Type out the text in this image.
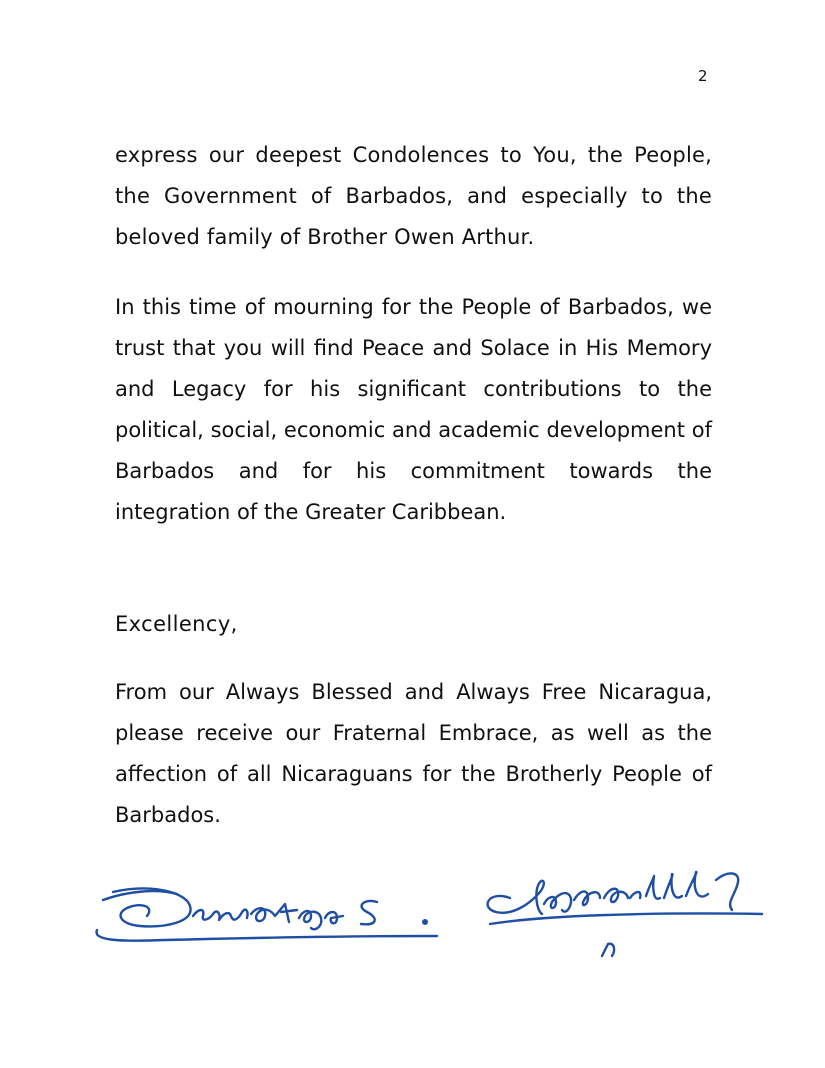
2

express our deepest Condolences to You, the People, the Government of Barbados, and especially to the beloved family of Brother Owen Arthur.

In this time of mourning for the People of Barbados, we trust that you will find Peace and Solace in His Memory and Legacy for his significant contributions to the political, social, economic and academic development of Barbados and for his commitment towards the integration of the Greater Caribbean.

Excellency,

From our Always Blessed and Always Free Nicaragua, please receive our Fraternal Embrace, as well as the affection of all Nicaraguans for the Brotherly People of Barbados.
